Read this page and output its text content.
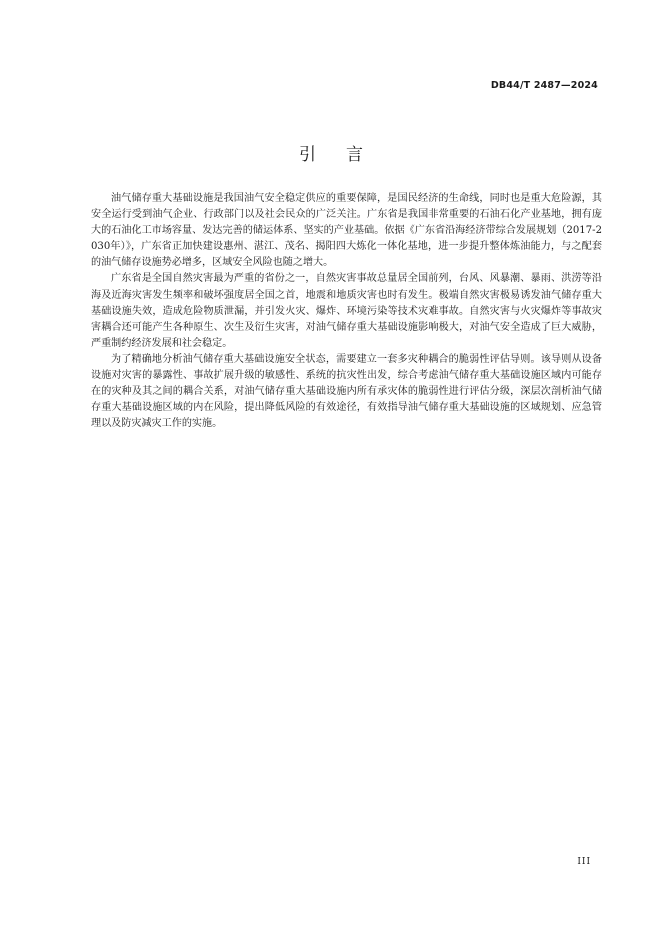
DB44/T 2487—2024
引言

油气储存重大基础设施是我国油气安全稳定供应的重要保障，是国民经济的生命线，同时也是重大危险源，其安全运行受到油气企业、行政部门以及社会民众的广泛关注。广东省是我国非常重要的石油石化产业基地，拥有庞大的石油化工市场容量、发达完善的储运体系、坚实的产业基础。依据《广东省沿海经济带综合发展规划（2017-2030年）》，广东省正加快建设惠州、湛江、茂名、揭阳四大炼化一体化基地，进一步提升整体炼油能力，与之配套的油气储存设施势必增多，区域安全风险也随之增大。

广东省是全国自然灾害最为严重的省份之一，自然灾害事故总量居全国前列，台风、风暴潮、暴雨、洪涝等沿海及近海灾害发生频率和破坏强度居全国之首，地震和地质灾害也时有发生。极端自然灾害极易诱发油气储存重大基础设施失效，造成危险物质泄漏，并引发火灾、爆炸、环境污染等技术灾难事故。自然灾害与火灾爆炸等事故灾害耦合还可能产生各种原生、次生及衍生灾害，对油气储存重大基础设施影响极大，对油气安全造成了巨大威胁，严重制约经济发展和社会稳定。

为了精确地分析油气储存重大基础设施安全状态，需要建立一套多灾种耦合的脆弱性评估导则。该导则从设备设施对灾害的暴露性、事故扩展升级的敏感性、系统的抗灾性出发，综合考虑油气储存重大基础设施区域内可能存在的灾种及其之间的耦合关系，对油气储存重大基础设施内所有承灾体的脆弱性进行评估分级，深层次剖析油气储存重大基础设施区域的内在风险，提出降低风险的有效途径，有效指导油气储存重大基础设施的区域规划、应急管理以及防灾减灾工作的实施。

III
